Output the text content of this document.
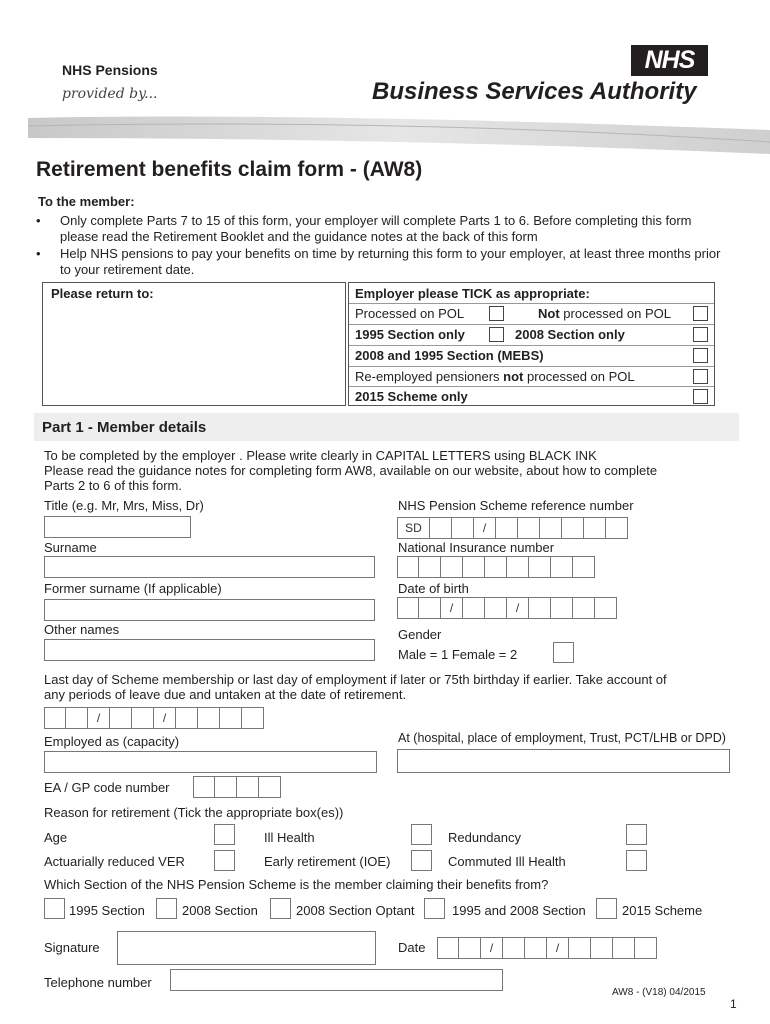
NHS Pensions
provided by...
NHS
Business Services Authority
Retirement benefits claim form - (AW8)
To the member:
• Only complete Parts 7 to 15 of this form, your employer will complete Parts 1 to 6. Before completing this form please read the Retirement Booklet and the guidance notes at the back of this form
• Help NHS pensions to pay your benefits on time by returning this form to your employer, at least three months prior to your retirement date.
Please return to:	Employer please TICK as appropriate:
Processed on POL	Not processed on POL
1995 Section only	2008 Section only
2008 and 1995 Section (MEBS)
Re-employed pensioners not processed on POL
2015 Scheme only
Part 1 - Member details
To be completed by the employer . Please write clearly in CAPITAL LETTERS using BLACK INK
Please read the guidance notes for completing form AW8, available on our website, about how to complete
Parts 2 to 6 of this form.
Title (e.g. Mr, Mrs, Miss, Dr)	NHS Pension Scheme reference number
SD	/
Surname	National Insurance number
Former surname (If applicable)	Date of birth
/	/
Other names	Gender
Male = 1 Female = 2
Last day of Scheme membership or last day of employment if later or 75th birthday if earlier. Take account of
any periods of leave due and untaken at the date of retirement.
/	/
Employed as (capacity)	At (hospital, place of employment, Trust, PCT/LHB or DPD)
EA / GP code number
Reason for retirement (Tick the appropriate box(es))
Age	Ill Health	Redundancy
Actuarially reduced VER	Early retirement (IOE)	Commuted Ill Health
Which Section of the NHS Pension Scheme is the member claiming their benefits from?
1995 Section	2008 Section	2008 Section Optant	1995 and 2008 Section	2015 Scheme
Signature	Date	/	/
Telephone number
AW8 - (V18) 04/2015
1
